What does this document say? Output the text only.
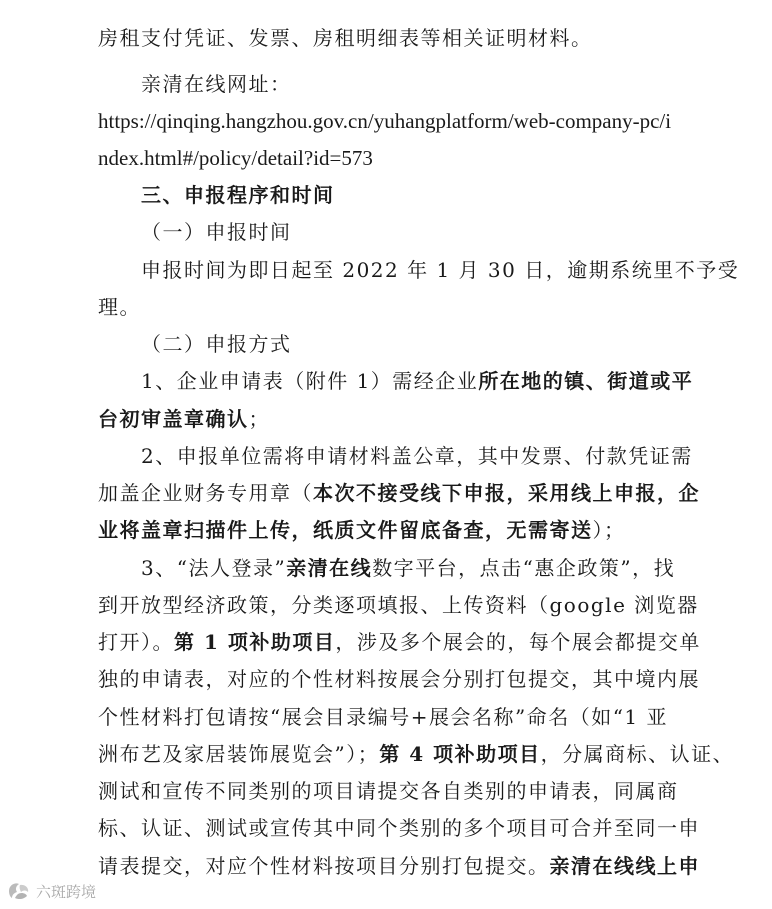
房租支付凭证、发票、房租明细表等相关证明材料。
亲清在线网址：
https://qinqing.hangzhou.gov.cn/yuhangplatform/web-company-pc/i
ndex.html#/policy/detail?id=573
三、申报程序和时间
（一）申报时间
申报时间为即日起至 2022 年 1 月 30 日，逾期系统里不予受
理。
（二）申报方式
1、企业申请表（附件 1）需经企业所在地的镇、街道或平
台初审盖章确认；
2、申报单位需将申请材料盖公章，其中发票、付款凭证需
加盖企业财务专用章（本次不接受线下申报，采用线上申报，企
业将盖章扫描件上传，纸质文件留底备查，无需寄送）；
3、“法人登录”亲清在线数字平台，点击“惠企政策”，找
到开放型经济政策，分类逐项填报、上传资料（google 浏览器
打开）。第 1 项补助项目，涉及多个展会的，每个展会都提交单
独的申请表，对应的个性材料按展会分别打包提交，其中境内展
个性材料打包请按“展会目录编号+展会名称”命名（如“1 亚
洲布艺及家居装饰展览会”）；第 4 项补助项目，分属商标、认证、
测试和宣传不同类别的项目请提交各自类别的申请表，同属商
标、认证、测试或宣传其中同个类别的多个项目可合并至同一申
请表提交，对应个性材料按项目分别打包提交。亲清在线线上申
六斑跨境
